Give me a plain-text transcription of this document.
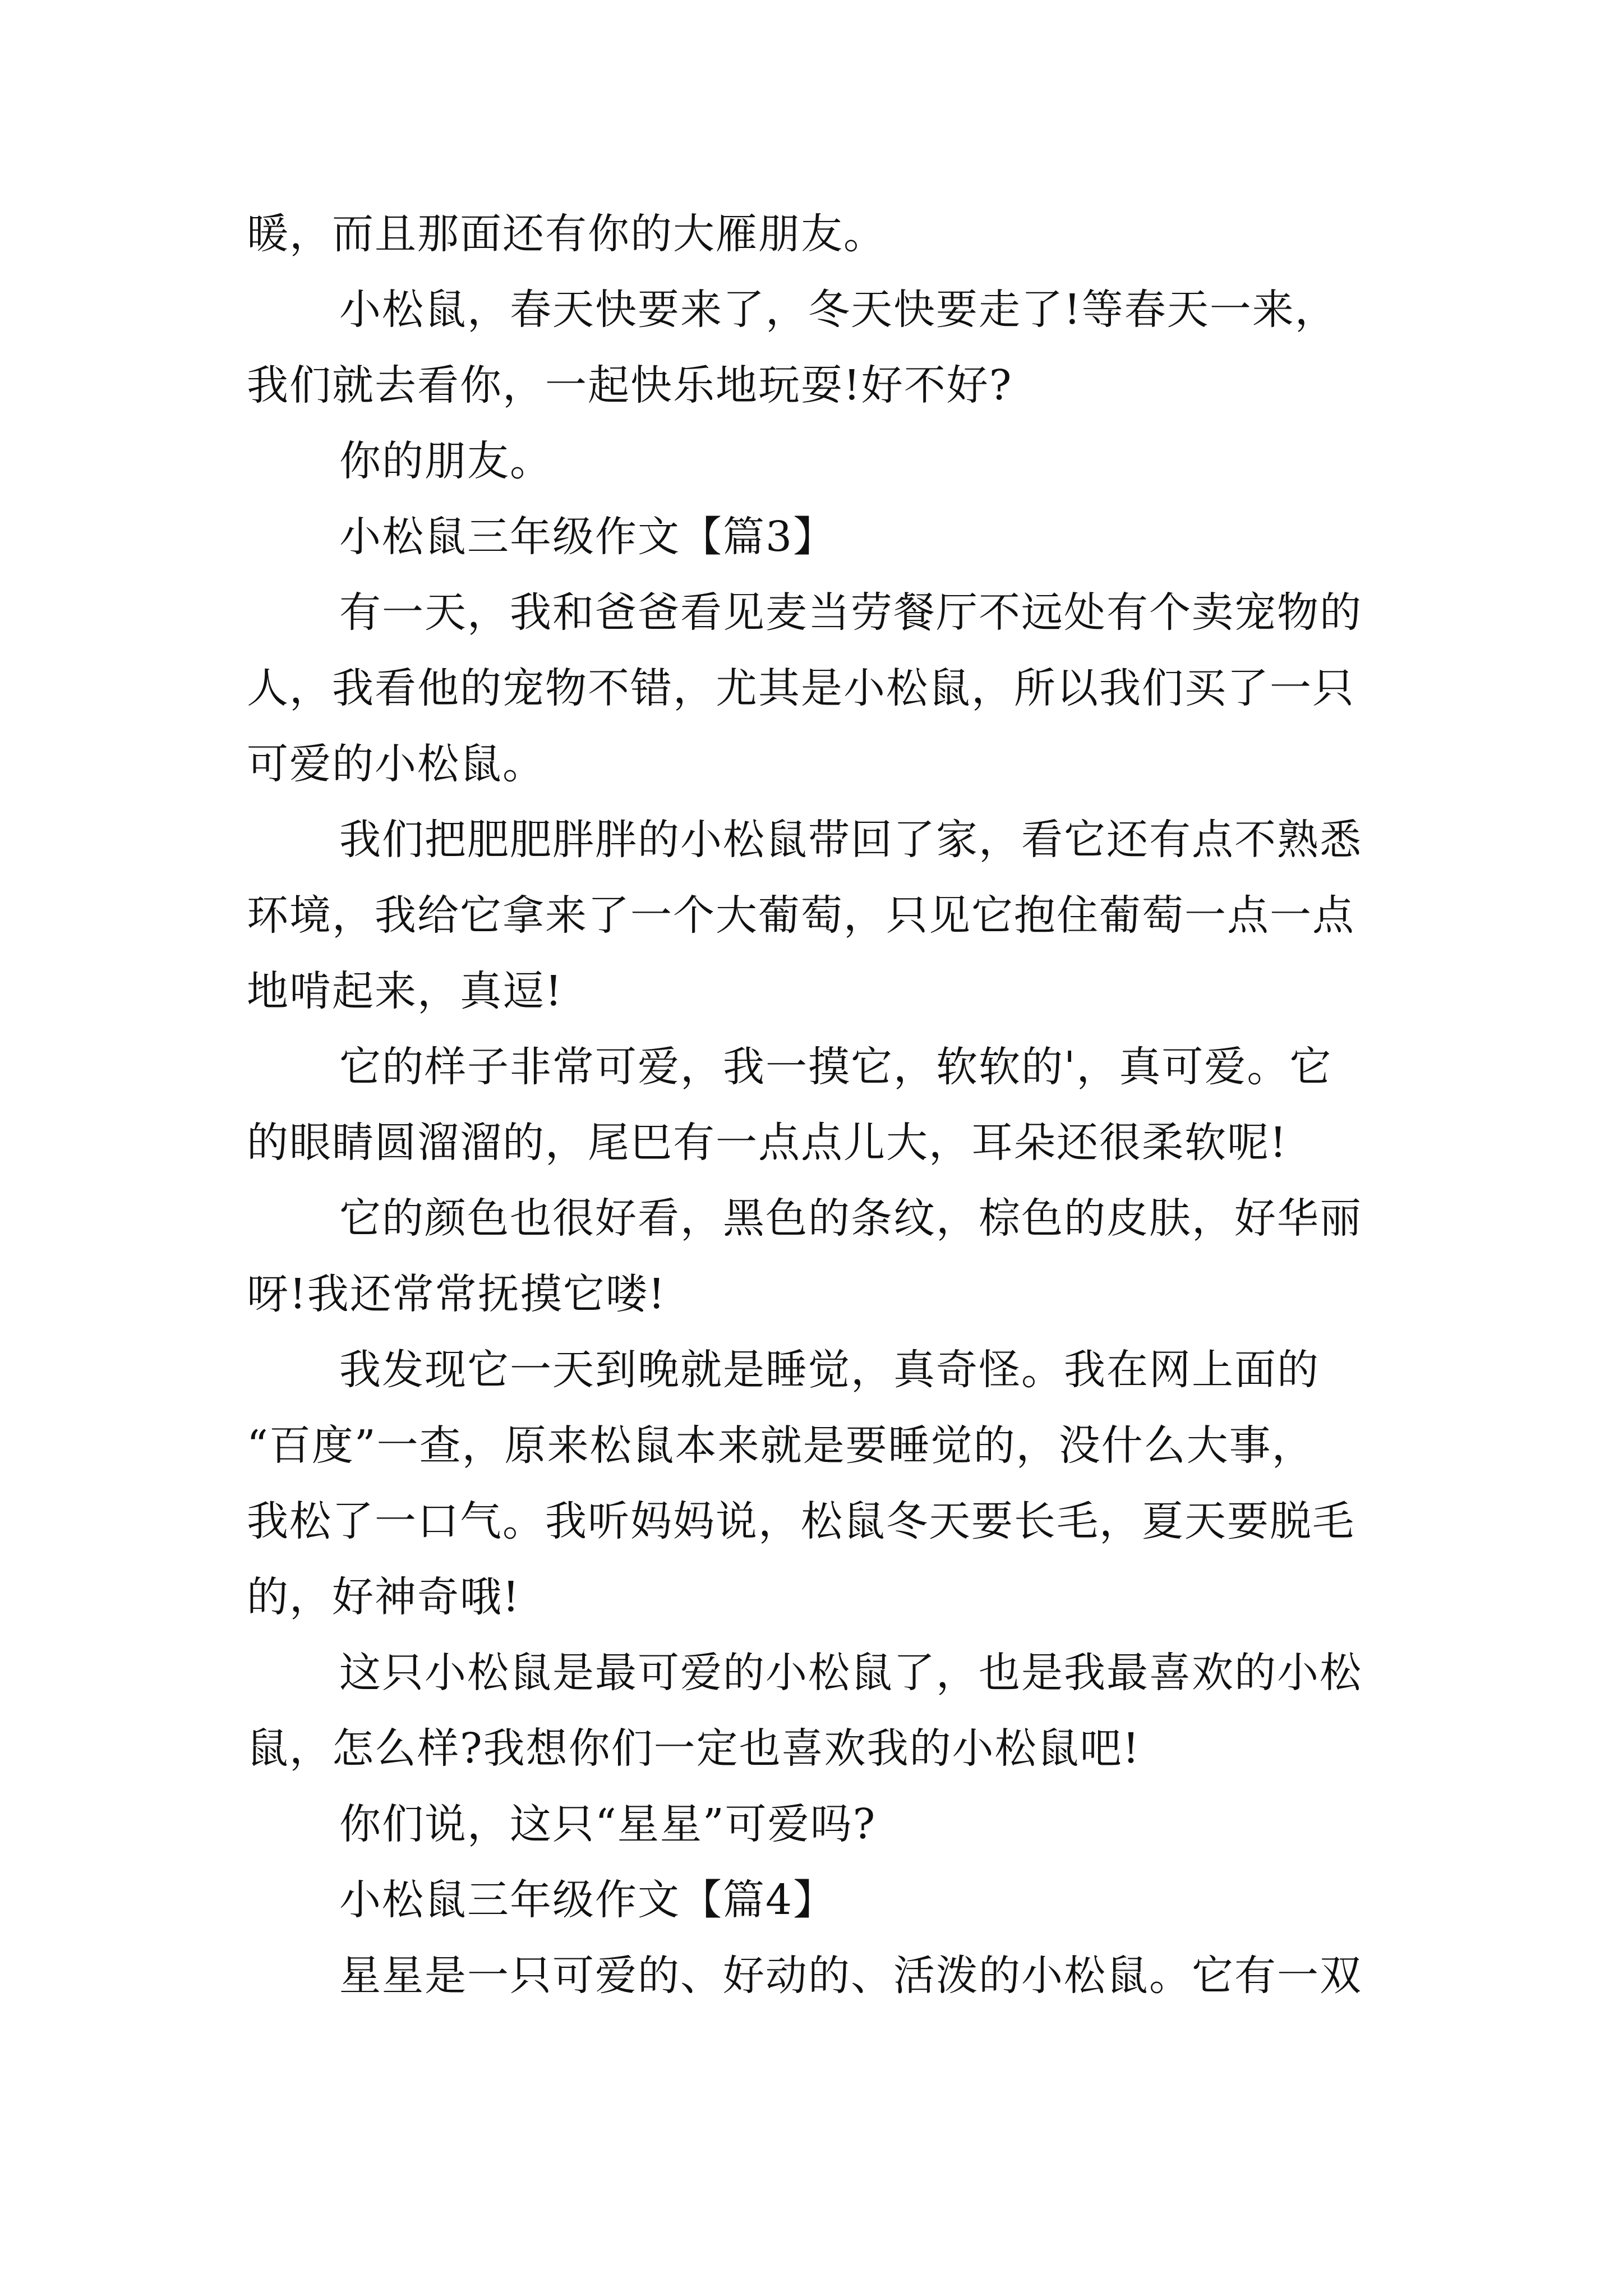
暖，而且那面还有你的大雁朋友。
小松鼠，春天快要来了，冬天快要走了!等春天一来，
我们就去看你，一起快乐地玩耍!好不好?
你的朋友。
小松鼠三年级作文【篇3】
有一天，我和爸爸看见麦当劳餐厅不远处有个卖宠物的
人，我看他的宠物不错，尤其是小松鼠，所以我们买了一只
可爱的小松鼠。
我们把肥肥胖胖的小松鼠带回了家，看它还有点不熟悉
环境，我给它拿来了一个大葡萄，只见它抱住葡萄一点一点
地啃起来，真逗!
它的样子非常可爱，我一摸它，软软的'，真可爱。它
的眼睛圆溜溜的，尾巴有一点点儿大，耳朵还很柔软呢!
它的颜色也很好看，黑色的条纹，棕色的皮肤，好华丽
呀!我还常常抚摸它喽!
我发现它一天到晚就是睡觉，真奇怪。我在网上面的
“百度”一查，原来松鼠本来就是要睡觉的，没什么大事，
我松了一口气。我听妈妈说，松鼠冬天要长毛，夏天要脱毛
的，好神奇哦!
这只小松鼠是最可爱的小松鼠了，也是我最喜欢的小松
鼠，怎么样?我想你们一定也喜欢我的小松鼠吧!
你们说，这只“星星”可爱吗?
小松鼠三年级作文【篇4】
星星是一只可爱的、好动的、活泼的小松鼠。它有一双
